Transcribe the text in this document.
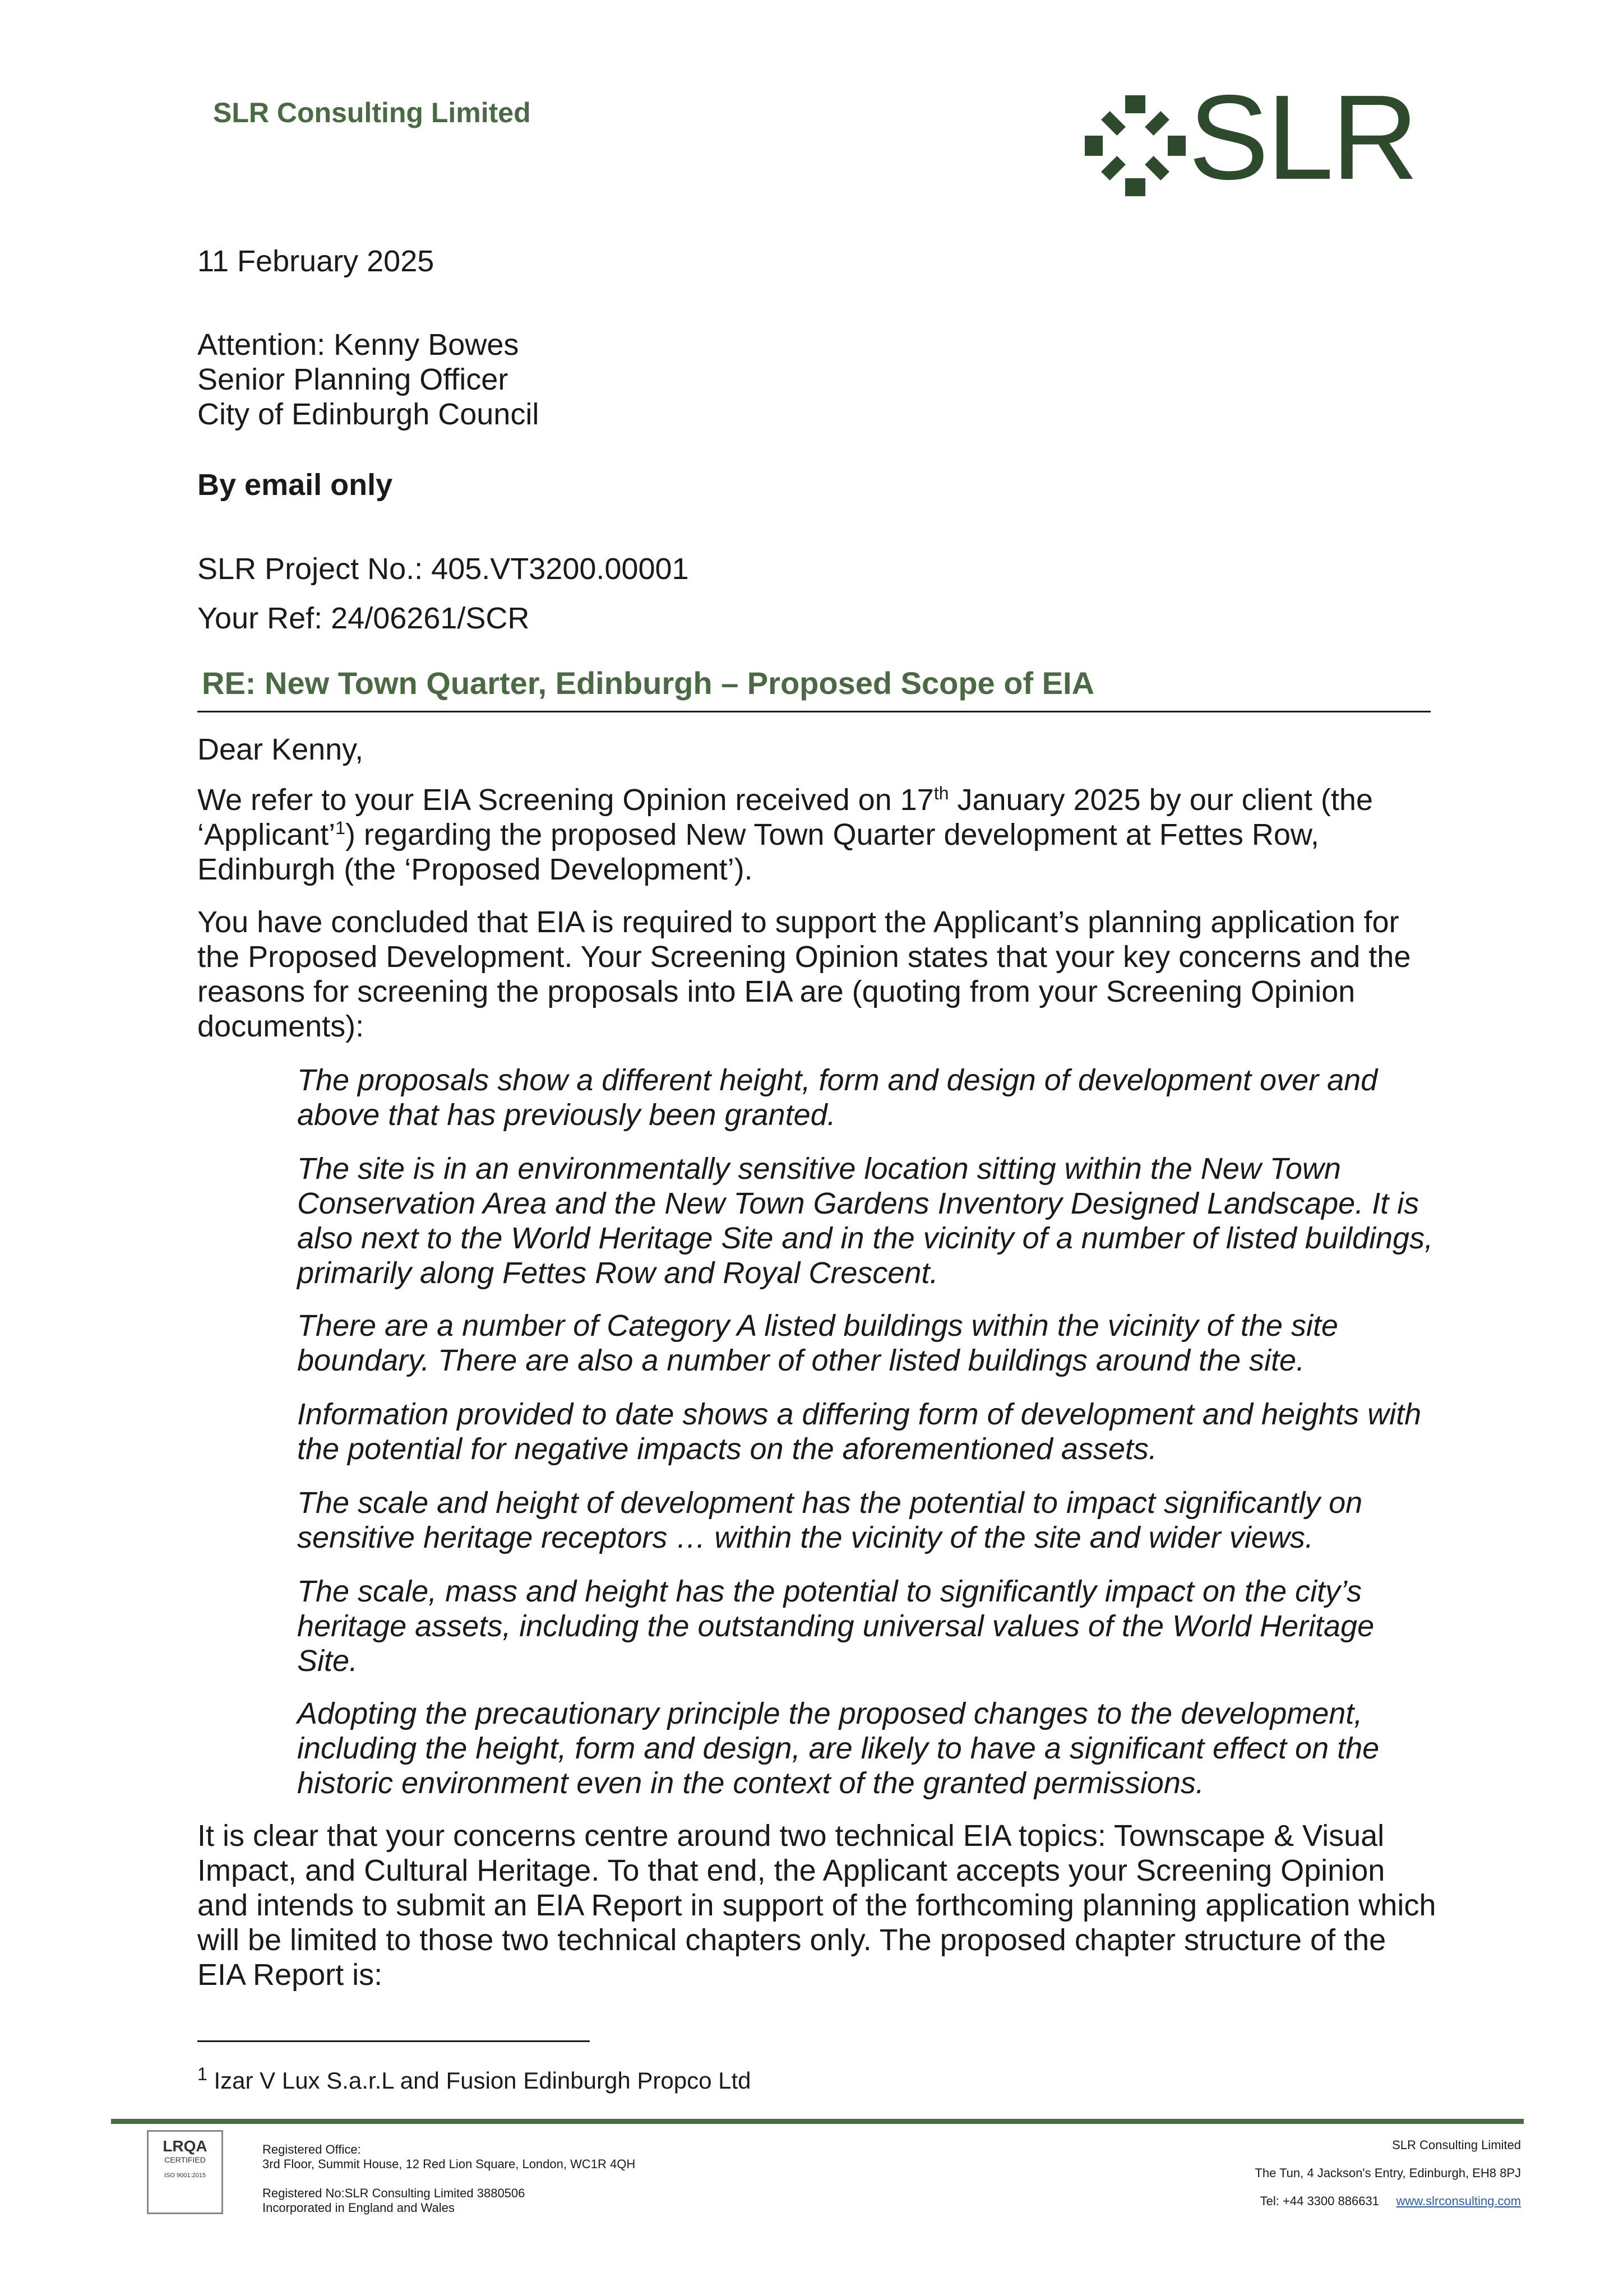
SLR Consulting Limited	SLR
11 February 2025
Attention: Kenny Bowes
Senior Planning Officer
City of Edinburgh Council
By email only
SLR Project No.: 405.VT3200.00001
Your Ref: 24/06261/SCR
RE: New Town Quarter, Edinburgh – Proposed Scope of EIA
Dear Kenny,
We refer to your EIA Screening Opinion received on 17th January 2025 by our client (the
‘Applicant’$^1$) regarding the proposed New Town Quarter development at Fettes Row,
Edinburgh (the ‘Proposed Development’).
You have concluded that EIA is required to support the Applicant’s planning application for
the Proposed Development. Your Screening Opinion states that your key concerns and the
reasons for screening the proposals into EIA are (quoting from your Screening Opinion
documents):
The proposals show a different height, form and design of development over and
above that has previously been granted.
The site is in an environmentally sensitive location sitting within the New Town
Conservation Area and the New Town Gardens Inventory Designed Landscape. It is
also next to the World Heritage Site and in the vicinity of a number of listed buildings,
primarily along Fettes Row and Royal Crescent.
There are a number of Category A listed buildings within the vicinity of the site
boundary. There are also a number of other listed buildings around the site.
Information provided to date shows a differing form of development and heights with
the potential for negative impacts on the aforementioned assets.
The scale and height of development has the potential to impact significantly on
sensitive heritage receptors … within the vicinity of the site and wider views.
The scale, mass and height has the potential to significantly impact on the city’s
heritage assets, including the outstanding universal values of the World Heritage
Site.
Adopting the precautionary principle the proposed changes to the development,
including the height, form and design, are likely to have a significant effect on the
historic environment even in the context of the granted permissions.
It is clear that your concerns centre around two technical EIA topics: Townscape & Visual
Impact, and Cultural Heritage. To that end, the Applicant accepts your Screening Opinion
and intends to submit an EIA Report in support of the forthcoming planning application which
will be limited to those two technical chapters only. The proposed chapter structure of the
EIA Report is:
$^1$ Izar V Lux S.a.r.L and Fusion Edinburgh Propco Ltd
LRQA
CERTIFIED
ISO 9001:2015
Registered Office:
3rd Floor, Summit House, 12 Red Lion Square, London, WC1R 4QH
Registered No:SLR Consulting Limited 3880506
Incorporated in England and Wales
SLR Consulting Limited
The Tun, 4 Jackson's Entry, Edinburgh, EH8 8PJ
Tel: +44 3300 886631 www.slrconsulting.com
